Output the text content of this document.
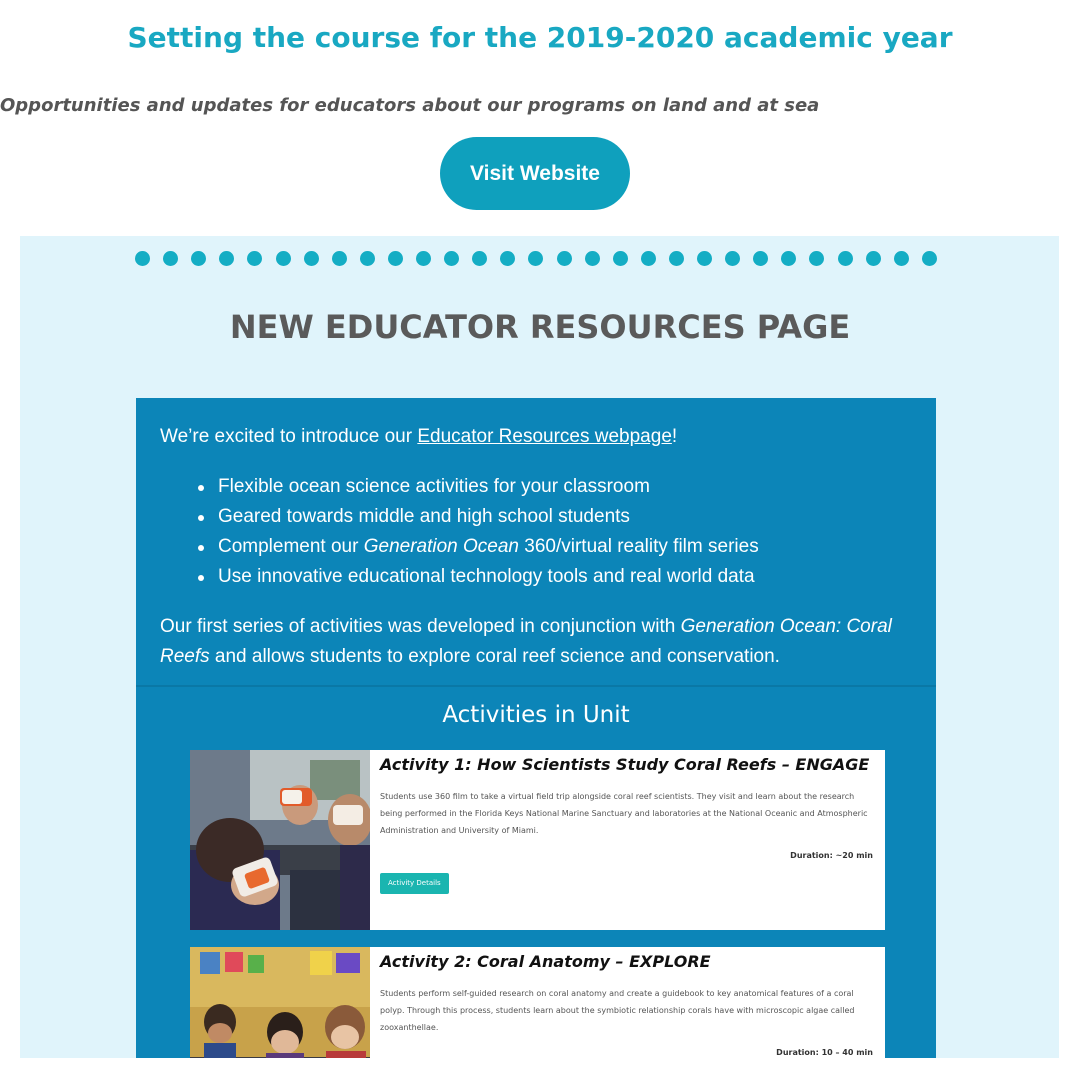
Setting the course for the 2019-2020 academic year

Opportunities and updates for educators about our programs on land and at sea

Visit Website
NEW EDUCATOR RESOURCES PAGE
We’re excited to introduce our Educator Resources webpage!
Flexible ocean science activities for your classroom
Geared towards middle and high school students
Complement our Generation Ocean 360/virtual reality film series
Use innovative educational technology tools and real world data
Our first series of activities was developed in conjunction with Generation Ocean: Coral Reefs and allows students to explore coral reef science and conservation.
Activities in Unit
Activity 1: How Scientists Study Coral Reefs – ENGAGE
Students use 360 film to take a virtual field trip alongside coral reef scientists. They visit and learn about the research being performed in the Florida Keys National Marine Sanctuary and laboratories at the National Oceanic and Atmospheric Administration and University of Miami.
Duration: ~20 min
Activity Details
Activity 2: Coral Anatomy – EXPLORE
Students perform self-guided research on coral anatomy and create a guidebook to key anatomical features of a coral polyp. Through this process, students learn about the symbiotic relationship corals have with microscopic algae called zooxanthellae.
Duration: 10 – 40 min
